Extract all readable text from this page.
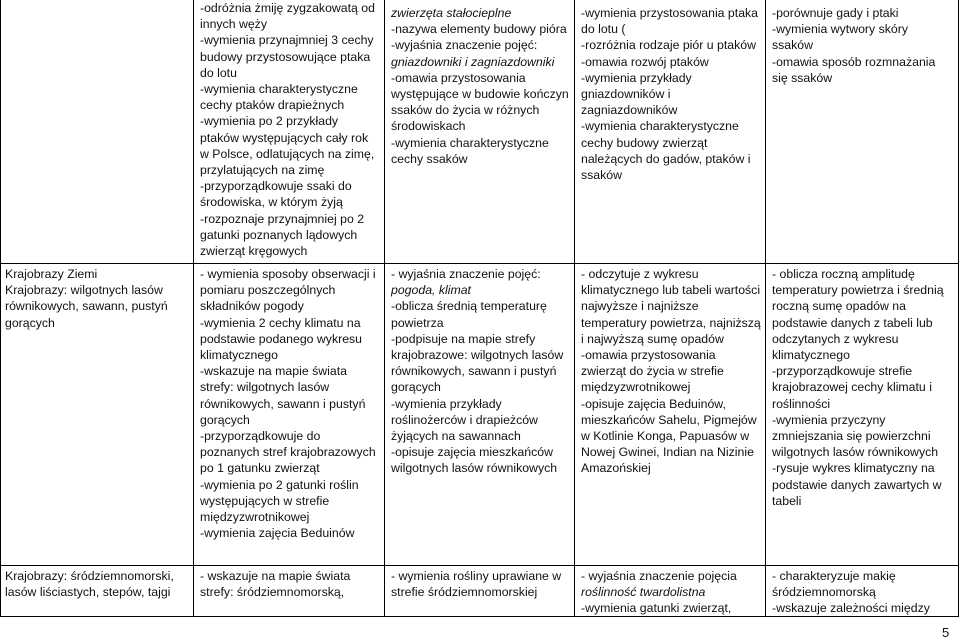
Krajobrazy Ziemi
Krajobrazy: wilgotnych lasów równikowych, sawann, pustyń gorących
Krajobrazy: śródziemnomorski, lasów liściastych, stepów, tajgi
-odróżnia żmiję zygzakowatą od innych węży
-wymienia przynajmniej 3 cechy budowy przystosowujące ptaka do lotu
-wymienia charakterystyczne cechy ptaków drapieżnych
-wymienia po 2 przykłady ptaków występujących cały rok w Polsce, odlatujących na zimę, przylatujących na zimę
-przyporządkowuje ssaki do środowiska, w którym żyją
-rozpoznaje przynajmniej po 2 gatunki poznanych lądowych zwierząt kręgowych
- wymienia sposoby obserwacji i pomiaru poszczególnych składników pogody
-wymienia 2 cechy klimatu na podstawie podanego wykresu klimatycznego
-wskazuje na mapie świata strefy: wilgotnych lasów równikowych, sawann i pustyń gorących
-przyporządkowuje do poznanych stref krajobrazowych po 1 gatunku zwierząt
-wymienia po 2 gatunki roślin występujących w strefie międzyzwrotnikowej
-wymienia zajęcia Beduinów
- wskazuje na mapie świata strefy: śródziemnomorską,
zwierzęta stałocieplne
-nazywa elementy budowy pióra
-wyjaśnia znaczenie pojęć:
gniazdowniki i zagniazdowniki
-omawia przystosowania występujące w budowie kończyn ssaków do życia w różnych środowiskach
-wymienia charakterystyczne cechy ssaków
- wyjaśnia znaczenie pojęć:
pogoda, klimat
-oblicza średnią temperaturę powietrza
-podpisuje na mapie strefy krajobrazowe: wilgotnych lasów równikowych, sawann i pustyń gorących
-wymienia przykłady roślinożerców i drapieżców żyjących na sawannach
-opisuje zajęcia mieszkańców wilgotnych lasów równikowych
- wymienia rośliny uprawiane w strefie śródziemnomorskiej
-wymienia przystosowania ptaka do lotu (
-rozróżnia rodzaje piór u ptaków
-omawia rozwój ptaków
-wymienia przykłady gniazdowników i zagniazdowników
-wymienia charakterystyczne cechy budowy zwierząt należących do gadów, ptaków i ssaków
- odczytuje z wykresu klimatycznego lub tabeli wartości najwyższe i najniższe temperatury powietrza, najniższą i najwyższą sumę opadów
-omawia przystosowania zwierząt do życia w strefie międzyzwrotnikowej
-opisuje zajęcia Beduinów, mieszkańców Sahelu, Pigmejów w Kotlinie Konga, Papuasów w Nowej Gwinei, Indian na Nizinie Amazońskiej
- wyjaśnia znaczenie pojęcia
roślinność twardolistna
-wymienia gatunki zwierząt,
-porównuje gady i ptaki
-wymienia wytwory skóry ssaków
-omawia sposób rozmnażania się ssaków
- oblicza roczną amplitudę temperatury powietrza i średnią roczną sumę opadów na podstawie danych z tabeli lub odczytanych z wykresu klimatycznego
-przyporządkowuje strefie krajobrazowej cechy klimatu i roślinności
-wymienia przyczyny zmniejszania się powierzchni wilgotnych lasów równikowych
-rysuje wykres klimatyczny na podstawie danych zawartych w tabeli
- charakteryzuje makię śródziemnomorską
-wskazuje zależności między
5
